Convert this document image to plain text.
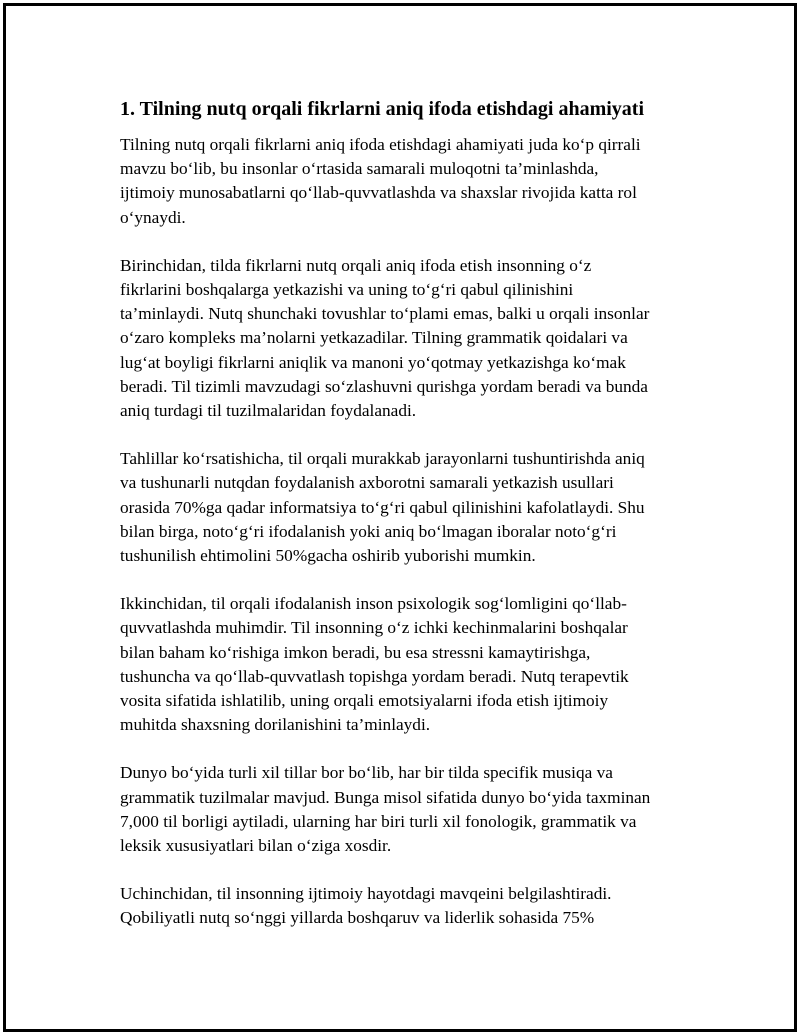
1. Tilning nutq orqali fikrlarni aniq ifoda etishdagi ahamiyati

Tilning nutq orqali fikrlarni aniq ifoda etishdagi ahamiyati juda ko‘p qirrali
mavzu bo‘lib, bu insonlar o‘rtasida samarali muloqotni ta’minlashda,
ijtimoiy munosabatlarni qo‘llab-quvvatlashda va shaxslar rivojida katta rol
o‘ynaydi.

Birinchidan, tilda fikrlarni nutq orqali aniq ifoda etish insonning o‘z
fikrlarini boshqalarga yetkazishi va uning to‘g‘ri qabul qilinishini
ta’minlaydi. Nutq shunchaki tovushlar to‘plami emas, balki u orqali insonlar
o‘zaro kompleks ma’nolarni yetkazadilar. Tilning grammatik qoidalari va
lug‘at boyligi fikrlarni aniqlik va manoni yo‘qotmay yetkazishga ko‘mak
beradi. Til tizimli mavzudagi so‘zlashuvni qurishga yordam beradi va bunda
aniq turdagi til tuzilmalaridan foydalanadi.

Tahlillar ko‘rsatishicha, til orqali murakkab jarayonlarni tushuntirishda aniq
va tushunarli nutqdan foydalanish axborotni samarali yetkazish usullari
orasida 70%ga qadar informatsiya to‘g‘ri qabul qilinishini kafolatlaydi. Shu
bilan birga, noto‘g‘ri ifodalanish yoki aniq bo‘lmagan iboralar noto‘g‘ri
tushunilish ehtimolini 50%gacha oshirib yuborishi mumkin.

Ikkinchidan, til orqali ifodalanish inson psixologik sog‘lomligini qo‘llab-
quvvatlashda muhimdir. Til insonning o‘z ichki kechinmalarini boshqalar
bilan baham ko‘rishiga imkon beradi, bu esa stressni kamaytirishga,
tushuncha va qo‘llab-quvvatlash topishga yordam beradi. Nutq terapevtik
vosita sifatida ishlatilib, uning orqali emotsiyalarni ifoda etish ijtimoiy
muhitda shaxsning dorilanishini ta’minlaydi.

Dunyo bo‘yida turli xil tillar bor bo‘lib, har bir tilda specifik musiqa va
grammatik tuzilmalar mavjud. Bunga misol sifatida dunyo bo‘yida taxminan
7,000 til borligi aytiladi, ularning har biri turli xil fonologik, grammatik va
leksik xususiyatlari bilan o‘ziga xosdir.

Uchinchidan, til insonning ijtimoiy hayotdagi mavqeini belgilashtiradi.
Qobiliyatli nutq so‘nggi yillarda boshqaruv va liderlik sohasida 75%
